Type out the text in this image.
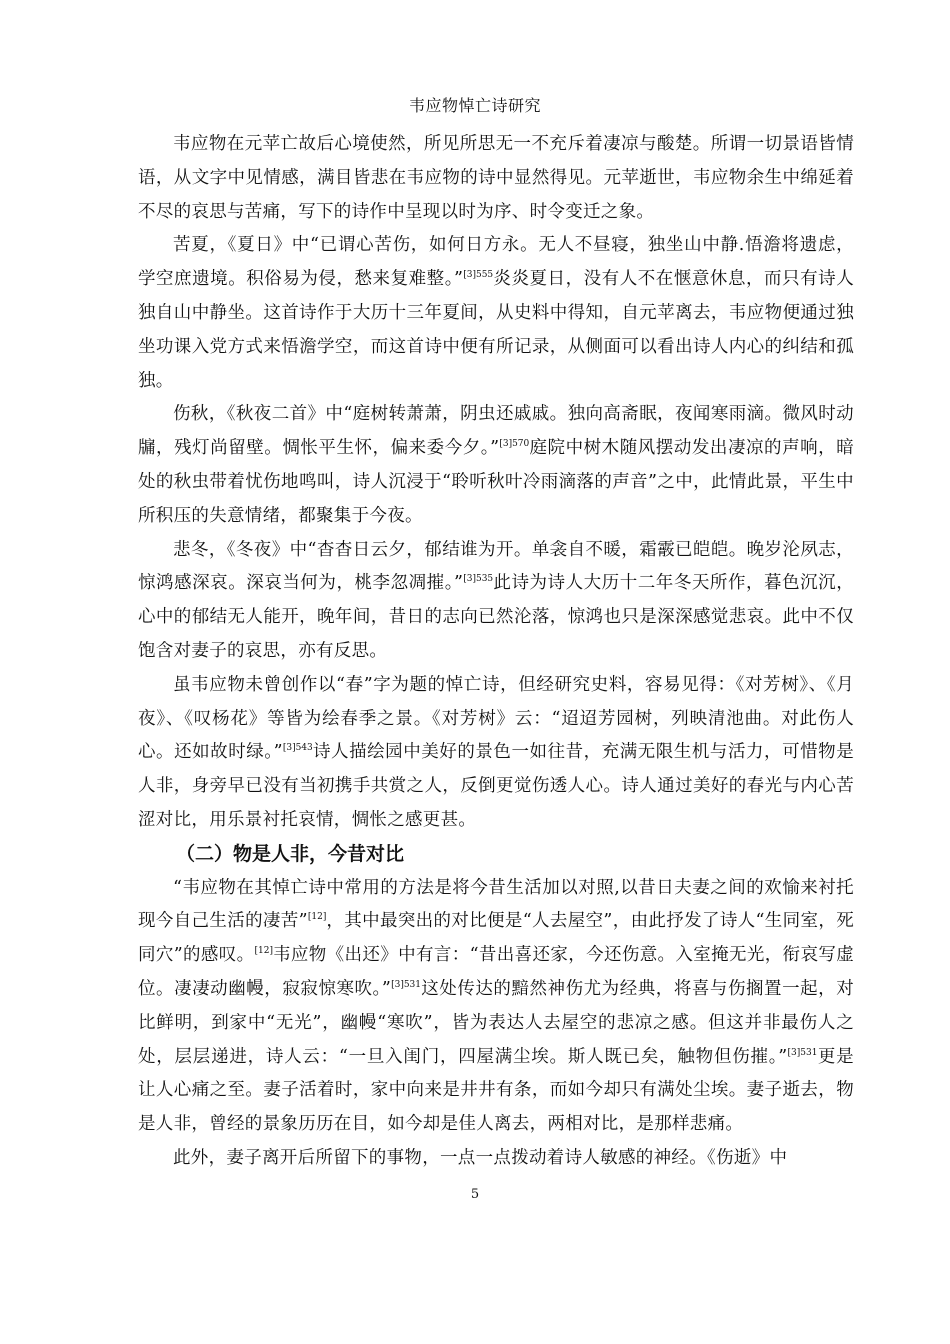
韦应物悼亡诗研究

韦应物在元苹亡故后心境使然，所见所思无一不充斥着凄凉与酸楚。所谓一切景语皆情语，从文字中见情感，满目皆悲在韦应物的诗中显然得见。元苹逝世，韦应物余生中绵延着不尽的哀思与苦痛，写下的诗作中呈现以时为序、时令变迁之象。

苦夏，《夏日》中“已谓心苦伤，如何日方永。无人不昼寝，独坐山中静.悟澹将遗虑，学空庶遗境。积俗易为侵，愁来复难整。”$^{[3]555}$炎炎夏日，没有人不在惬意休息，而只有诗人独自山中静坐。这首诗作于大历十三年夏间，从史料中得知，自元苹离去，韦应物便通过独坐功课入党方式来悟澹学空，而这首诗中便有所记录，从侧面可以看出诗人内心的纠结和孤独。

伤秋，《秋夜二首》中“庭树转萧萧，阴虫还戚戚。独向高斋眠，夜闻寒雨滴。微风时动牖，残灯尚留壁。惆怅平生怀，偏来委今夕。”$^{[3]570}$庭院中树木随风摆动发出凄凉的声响，暗处的秋虫带着忧伤地鸣叫，诗人沉浸于“聆听秋叶冷雨滴落的声音”之中，此情此景，平生中所积压的失意情绪，都聚集于今夜。

悲冬，《冬夜》中“杳杳日云夕，郁结谁为开。单衾自不暖，霜霰已皑皑。晚岁沦夙志，惊鸿感深哀。深哀当何为，桃李忽凋摧。”$^{[3]535}$此诗为诗人大历十二年冬天所作，暮色沉沉，心中的郁结无人能开，晚年间，昔日的志向已然沦落，惊鸿也只是深深感觉悲哀。此中不仅饱含对妻子的哀思，亦有反思。

虽韦应物未曾创作以“春”字为题的悼亡诗，但经研究史料，容易见得：《对芳树》、《月夜》、《叹杨花》等皆为绘春季之景。《对芳树》云：“迢迢芳园树，列映清池曲。对此伤人心。还如故时绿。”$^{[3]543}$诗人描绘园中美好的景色一如往昔，充满无限生机与活力，可惜物是人非，身旁早已没有当初携手共赏之人，反倒更觉伤透人心。诗人通过美好的春光与内心苦涩对比，用乐景衬托哀情，惆怅之感更甚。

（二）物是人非，今昔对比

“韦应物在其悼亡诗中常用的方法是将今昔生活加以对照,以昔日夫妻之间的欢愉来衬托现今自己生活的凄苦”[12]，其中最突出的对比便是“人去屋空”，由此抒发了诗人“生同室，死同穴”的感叹。[12]韦应物《出还》中有言：“昔出喜还家，今还伤意。入室掩无光，衔哀写虚位。凄凄动幽幔，寂寂惊寒吹。”$^{[3]531}$这处传达的黯然神伤尤为经典，将喜与伤搁置一起，对比鲜明，到家中“无光”，幽幔“寒吹”，皆为表达人去屋空的悲凉之感。但这并非最伤人之处，层层递进，诗人云：“一旦入闺门，四屋满尘埃。斯人既已矣，触物但伤摧。”$^{[3]531}$更是让人心痛之至。妻子活着时，家中向来是井井有条，而如今却只有满处尘埃。妻子逝去，物是人非，曾经的景象历历在目，如今却是佳人离去，两相对比，是那样悲痛。

此外，妻子离开后所留下的事物，一点一点拨动着诗人敏感的神经。《伤逝》中

5
